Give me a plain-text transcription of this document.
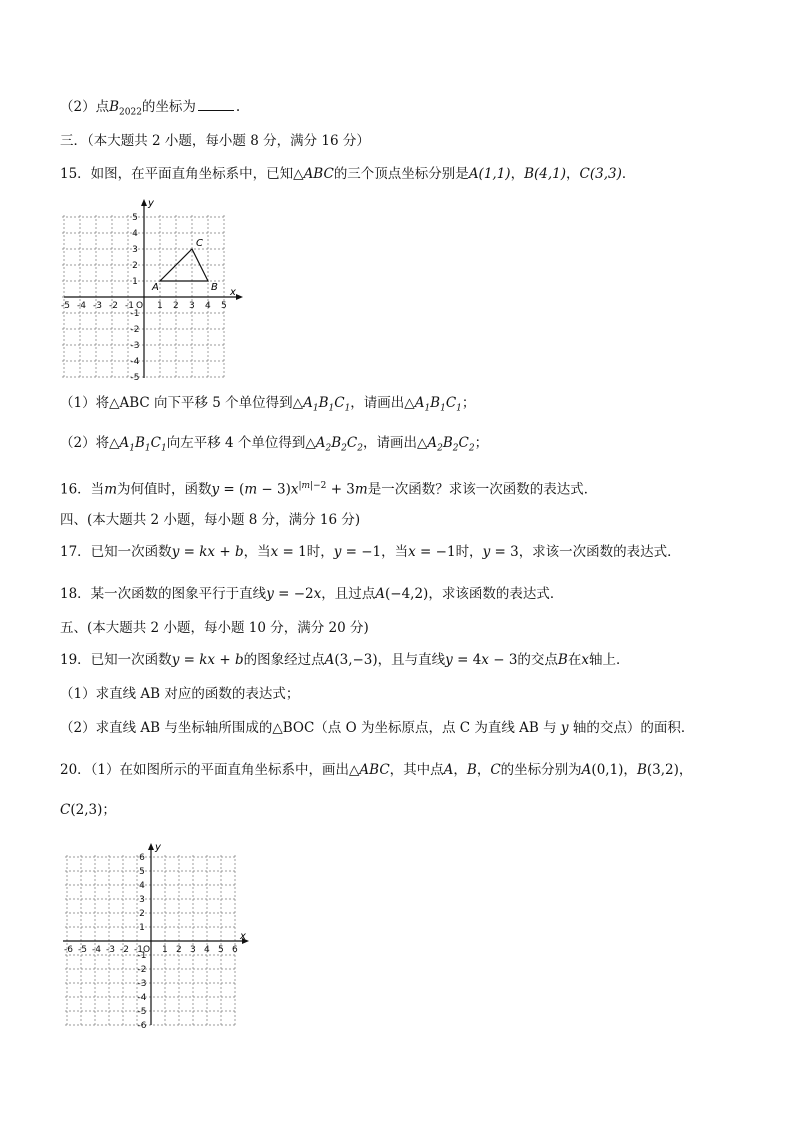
（2）点$B_{2022}$的坐标为	.
三．（本大题共 2 小题，每小题 8 分，满分 16 分）
15．如图，在平面直角坐标系中，已知△ABC的三个顶点坐标分别是A(1,1)，B(4,1)，C(3,3)．
-5 -4 -3 -2 -1 O 1 2 3 4 5
5
4
3
2
1
-1
-2
-3
-4
-5
x
y
A	B
C
（1）将△ABC 向下平移 5 个单位得到$\triangle A_1B_1C_1$，请画出$\triangle A_1B_1C_1$；
（2）将$\triangle A_1B_1C_1$向左平移 4 个单位得到$\triangle A_2B_2C_2$，请画出$\triangle A_2B_2C_2$；
16．当m为何值时，函数$y = (m - 3)x^{|m|-2} + 3m$是一次函数？求该一次函数的表达式．
四、(本大题共 2 小题，每小题 8 分，满分 16 分)
17．已知一次函数y = kx + b，当x = 1时，y = −1，当x = −1时，y = 3，求该一次函数的表达式．
18．某一次函数的图象平行于直线y = −2x，且过点A(−4,2)，求该函数的表达式．
五、(本大题共 2 小题，每小题 10 分，满分 20 分)
19．已知一次函数y = kx + b的图象经过点A(3,−3)，且与直线y = 4x − 3的交点B在x轴上．
（1）求直线 AB 对应的函数的表达式；
（2）求直线 AB 与坐标轴所围成的△BOC（点 O 为坐标原点，点 C 为直线 AB 与 y 轴的交点）的面积．
20．（1）在如图所示的平面直角坐标系中，画出△ABC，其中点A，B，C的坐标分别为A(0,1)，B(3,2)，
C(2,3)；
-6 -5 -4 -3 -2 -1 O 1 2 3 4 5 6
6
5
4
3
2
1
-1
-2
-3
-4
-5
-6
x
y
